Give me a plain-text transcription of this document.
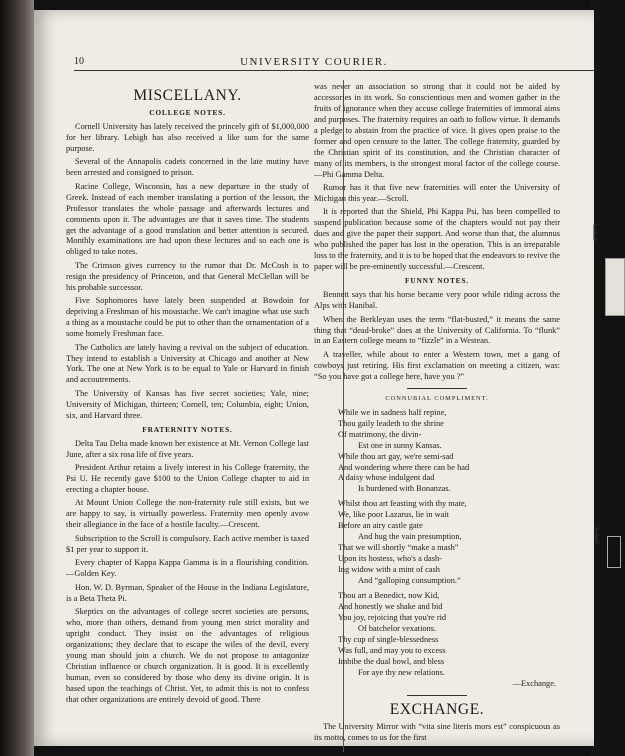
10	UNIVERSITY COURIER.
MISCELLANY.
COLLEGE NOTES.

Cornell University has lately received the princely gift of $1,000,000 for her library. Lehigh has also received a like sum for the same purpose.

Several of the Annapolis cadets concerned in the late mutiny have been arrested and consigned to prison.

Racine College, Wisconsin, has a new departure in the study of Greek. Instead of each member translating a portion of the lesson, the Professor translates the whole passage and afterwards lectures and comments upon it. The advantages are that it saves time. The students get the advantage of a good translation and better attention is secured. Monthly examinations are had upon these lectures and so each one is obliged to take notes.

The Crimson gives currency to the rumor that Dr. McCosh is to resign the presidency of Princeton, and that General McClellan will be his probable successor.

Five Sophomores have lately been suspended at Bowdoin for depriving a Freshman of his moustache. We can't imagine what use such a thing as a moustache could be put to other than the ornamentation of a some homely Freshman face.

The Catholics are lately having a revival on the subject of education. They intend to establish a University at Chicago and another at New York. The one at New York is to be equal to Yale or Harvard in finish and accoutrements.

The University of Kansas has five secret societies; Yale, nine; University of Michigan, thirteen; Cornell, ten; Columbia, eight; Union, six, and Harvard three.

FRATERNITY NOTES.

Delta Tau Delta made known her existence at Mt. Vernon College last June, after a six rosa life of five years.

President Arthur retains a lively interest in his College fraternity, the Psi U. He recently gave $100 to the Union College chapter to aid in erecting a chapter house.

At Mount Union College the non-fraternity rule still exists, but we are happy to say, is virtually powerless. Fraternity men openly avow their allegiance in the face of a hostile faculty.—Crescent.

Subscription to the Scroll is compulsory. Each active member is taxed $1 per year to support it.

Every chapter of Kappa Kappa Gamma is in a flourishing condition.—Golden Key.

Hon. W. D. Byrman, Speaker of the House in the Indiana Legislature, is a Beta Theta Pi.

Skeptics on the advantages of college secret societies are persons, who, more than others, demand from young men strict morality and upright conduct. They insist on the advantages of religious organizations; they declare that to escape the wiles of the devil, every young man should join a church. We do not propose to antagonize Christian influence or church organization. It is good. It is excellently human, even so considered by those who deny its divine origin. It is based upon the teachings of Christ. Yet, to admit this is not to confess that other organizations are entirely devoid of good. There

was never an association so strong that it could not be aided by accessories in its work. So conscientious men and women gather in the fruits of ignorance when they accuse college fraternities of immoral aims and purposes. The fraternity requires an oath to follow virtue. It demands a pledge to abstain from the practice of vice. It gives open praise to the former and open censure to the latter. The college fraternity, guarded by the Christian spirit of its constitution, and the Christian character of many of its members, is the strongest moral factor of the college course.—Phi Gamma Delta.

Rumor has it that five new fraternities will enter the University of Michigan this year.—Scroll.

It is reported that the Shield, Phi Kappa Psi, has been compelled to suspend publication because some of the chapters would not pay their dues and give the paper their support. And worse than that, the alumnus who published the paper has lost in the operation. This is an irreparable loss to the fraternity, and it is to be hoped that the endeavors to revive the paper will be pre-eminently successful.—Crescent.

FUNNY NOTES.

Bennett says that his horse became very poor while riding across the Alps with Hanibal.

When the Berkleyan uses the term “flat-busted,” it means the same thing that “dead-broke” does at the University of California. To “flunk” in an Eastern college means to “fizzle” in a Westean.

A traveller, while about to enter a Western town, met a gang of cowboys just retiring. His first exclamation on meeting a citizen, was: “So you have got a college here, have you ?”

CONNUBIAL COMPLIMENT.
While we in sadness half repine,
Thou gaily leadeth to the shrine
Of matrimony, the divin-
Est one in sunny Kansas.
While thou art gay, we're semi-sad
And wondering where there can be had
A daisy whose indulgent dad
Is burdened with Bonanzas.
Whilst thou art feasting with thy mate,
We, like poor Lazarus, lie in wait
Before an airy castle gate
And hug the vain presumption,
That we will shortly “make a mash”
Upon its hostess, who's a dash-
Ing widow with a mint of cash
And “galloping consumption.”
Thou art a Benedict, now Kid,
And honestly we shake and bid
You joy, rejoicing that you're rid
Of batchelor vexations.
Thy cup of single-blessedness
Was full, and may you to excess
Imbibe the dual bowl, and bless
For aye thy new relations.
—Exchange.
EXCHANGE.

The University Mirror with “vita sine literis mors est” conspicuous as its motto, comes to us for the first

⁅
⁅
